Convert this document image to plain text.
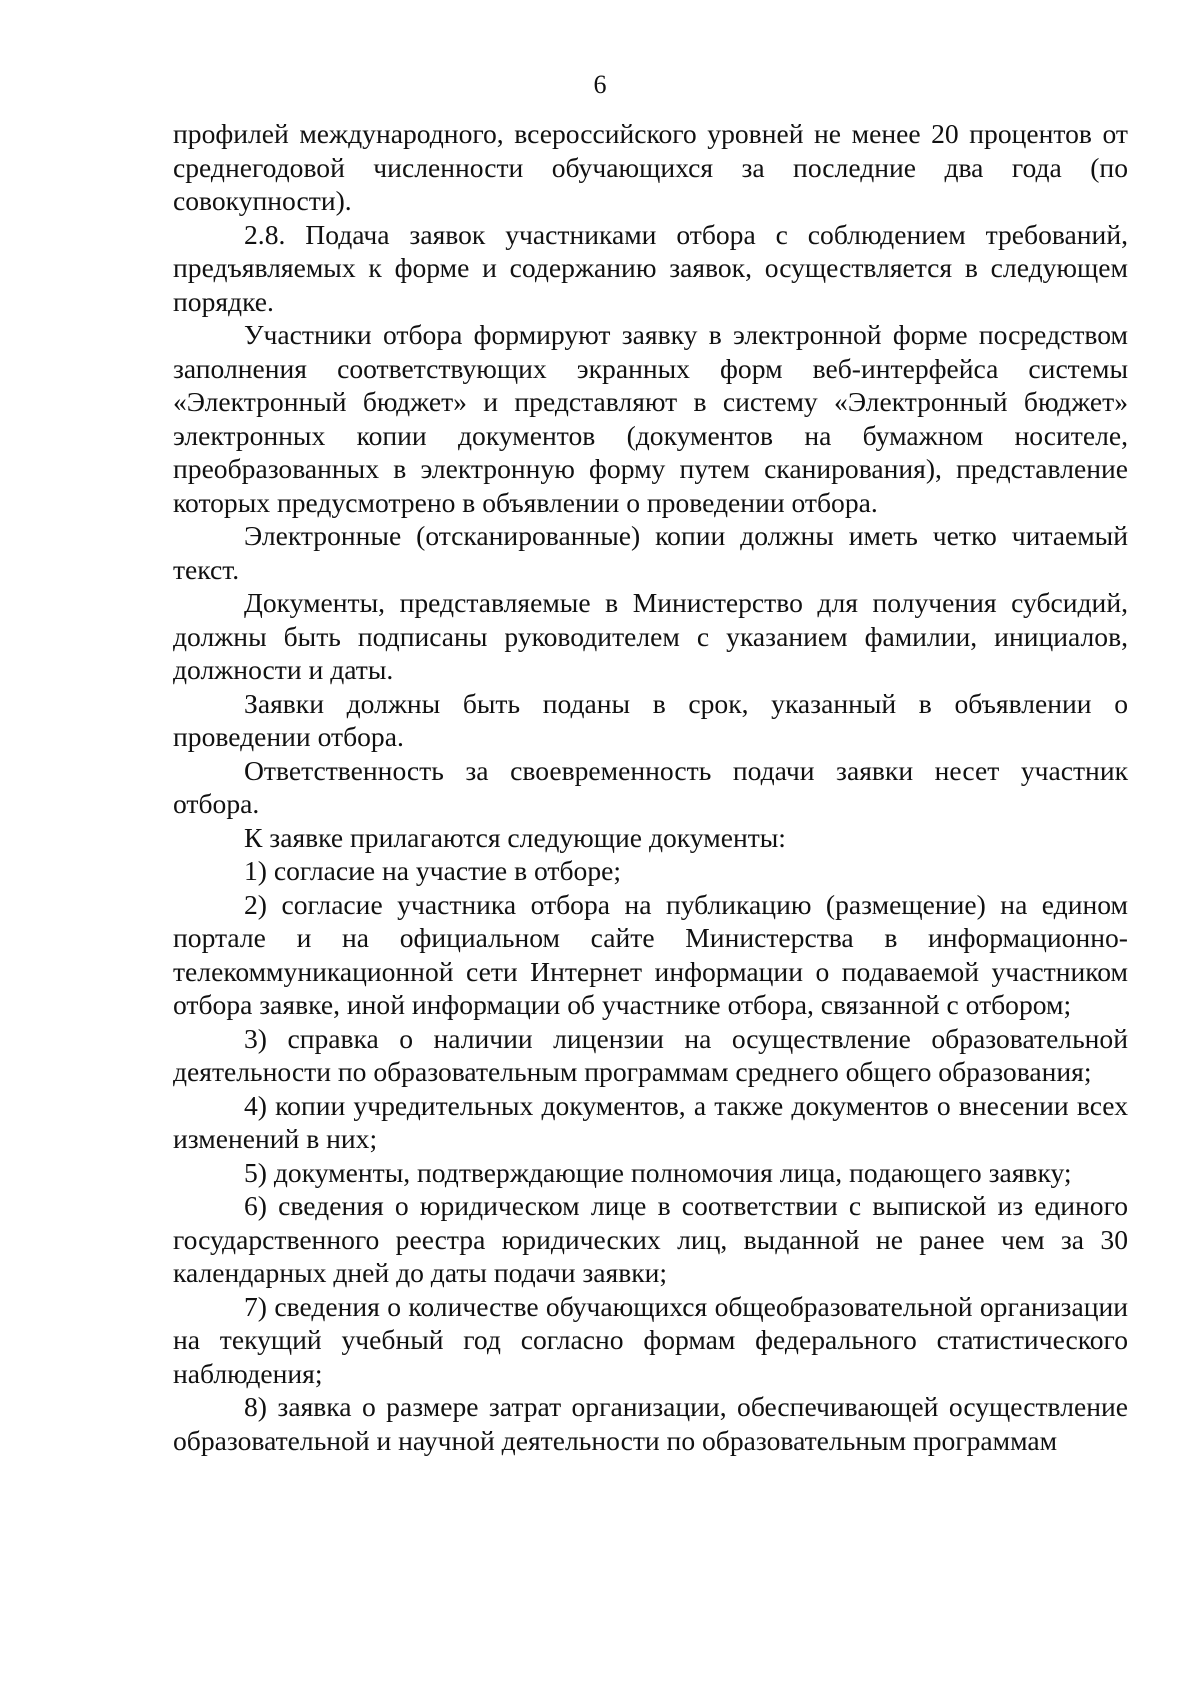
6

профилей международного, всероссийского уровней не менее 20 процентов от среднегодовой численности обучающихся за последние два года (по совокупности).

2.8. Подача заявок участниками отбора с соблюдением требований, предъявляемых к форме и содержанию заявок, осуществляется в следующем порядке.

Участники отбора формируют заявку в электронной форме посредством заполнения соответствующих экранных форм веб-интерфейса системы «Электронный бюджет» и представляют в систему «Электронный бюджет» электронных копии документов (документов на бумажном носителе, преобразованных в электронную форму путем сканирования), представление которых предусмотрено в объявлении о проведении отбора.

Электронные (отсканированные) копии должны иметь четко читаемый текст.

Документы, представляемые в Министерство для получения субсидий, должны быть подписаны руководителем с указанием фамилии, инициалов, должности и даты.

Заявки должны быть поданы в срок, указанный в объявлении о проведении отбора.

Ответственность за своевременность подачи заявки несет участник отбора.

К заявке прилагаются следующие документы:

1) согласие на участие в отборе;

2) согласие участника отбора на публикацию (размещение) на едином портале и на официальном сайте Министерства в информационно-телекоммуникационной сети Интернет информации о подаваемой участником отбора заявке, иной информации об участнике отбора, связанной с отбором;

3) справка о наличии лицензии на осуществление образовательной деятельности по образовательным программам среднего общего образования;

4) копии учредительных документов, а также документов о внесении всех изменений в них;

5) документы, подтверждающие полномочия лица, подающего заявку;

6) сведения о юридическом лице в соответствии с выпиской из единого государственного реестра юридических лиц, выданной не ранее чем за 30 календарных дней до даты подачи заявки;

7) сведения о количестве обучающихся общеобразовательной организации на текущий учебный год согласно формам федерального статистического наблюдения;

8) заявка о размере затрат организации, обеспечивающей осуществление образовательной и научной деятельности по образовательным программам
